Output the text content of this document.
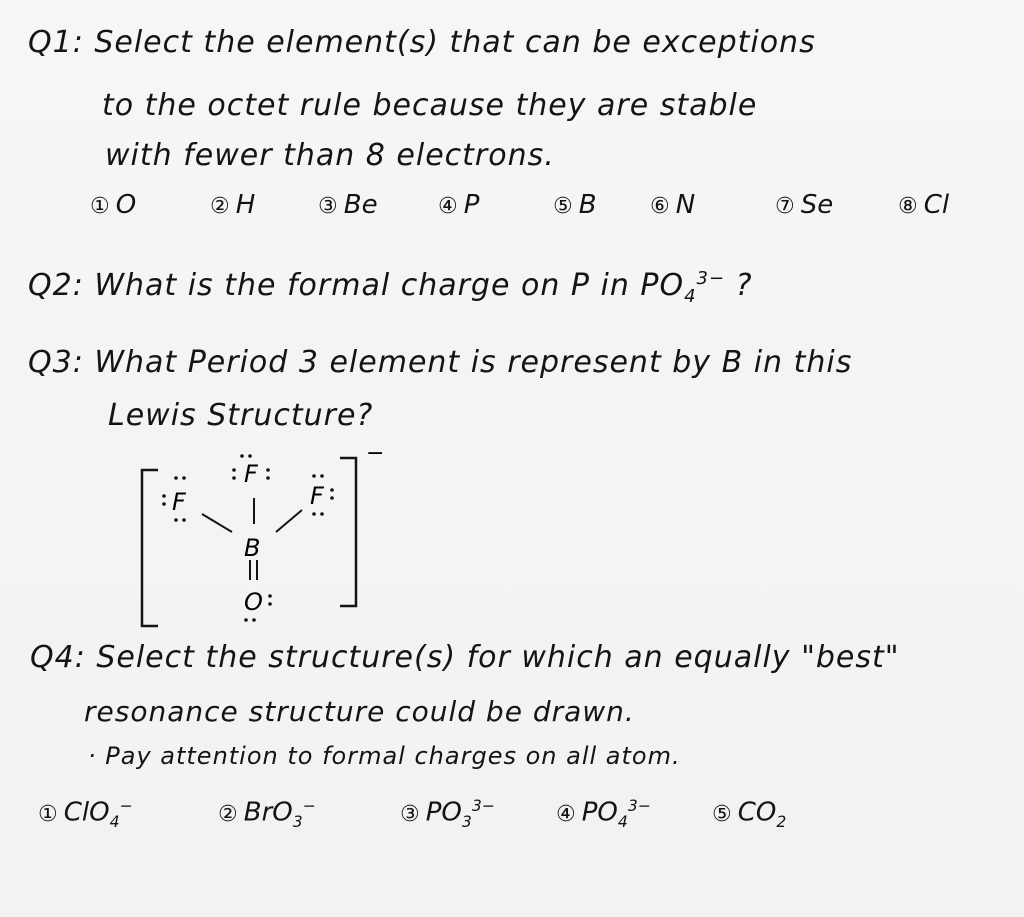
Q1: Select the element(s) that can be exceptions
to the octet rule because they are stable
with fewer than 8 electrons.
① O	② H	③ Be	④ P	⑤ B ⑥ N	⑦ Se	⑧ Cl
Q2: What is the formal charge on P in $PO_4^{3-}$ ?
Q3: What Period 3 element is represent by B in this
Lewis Structure?
F
F
F
B
O
−
Q4: Select the structure(s) for which an equally "best"
resonance structure could be drawn.
· Pay attention to formal charges on all atom.
① ClO$_4$−	② BrO$_3$−	③ $PO_3^{3-}$	④ $PO_4^{3-}$	⑤ $CO_2$
